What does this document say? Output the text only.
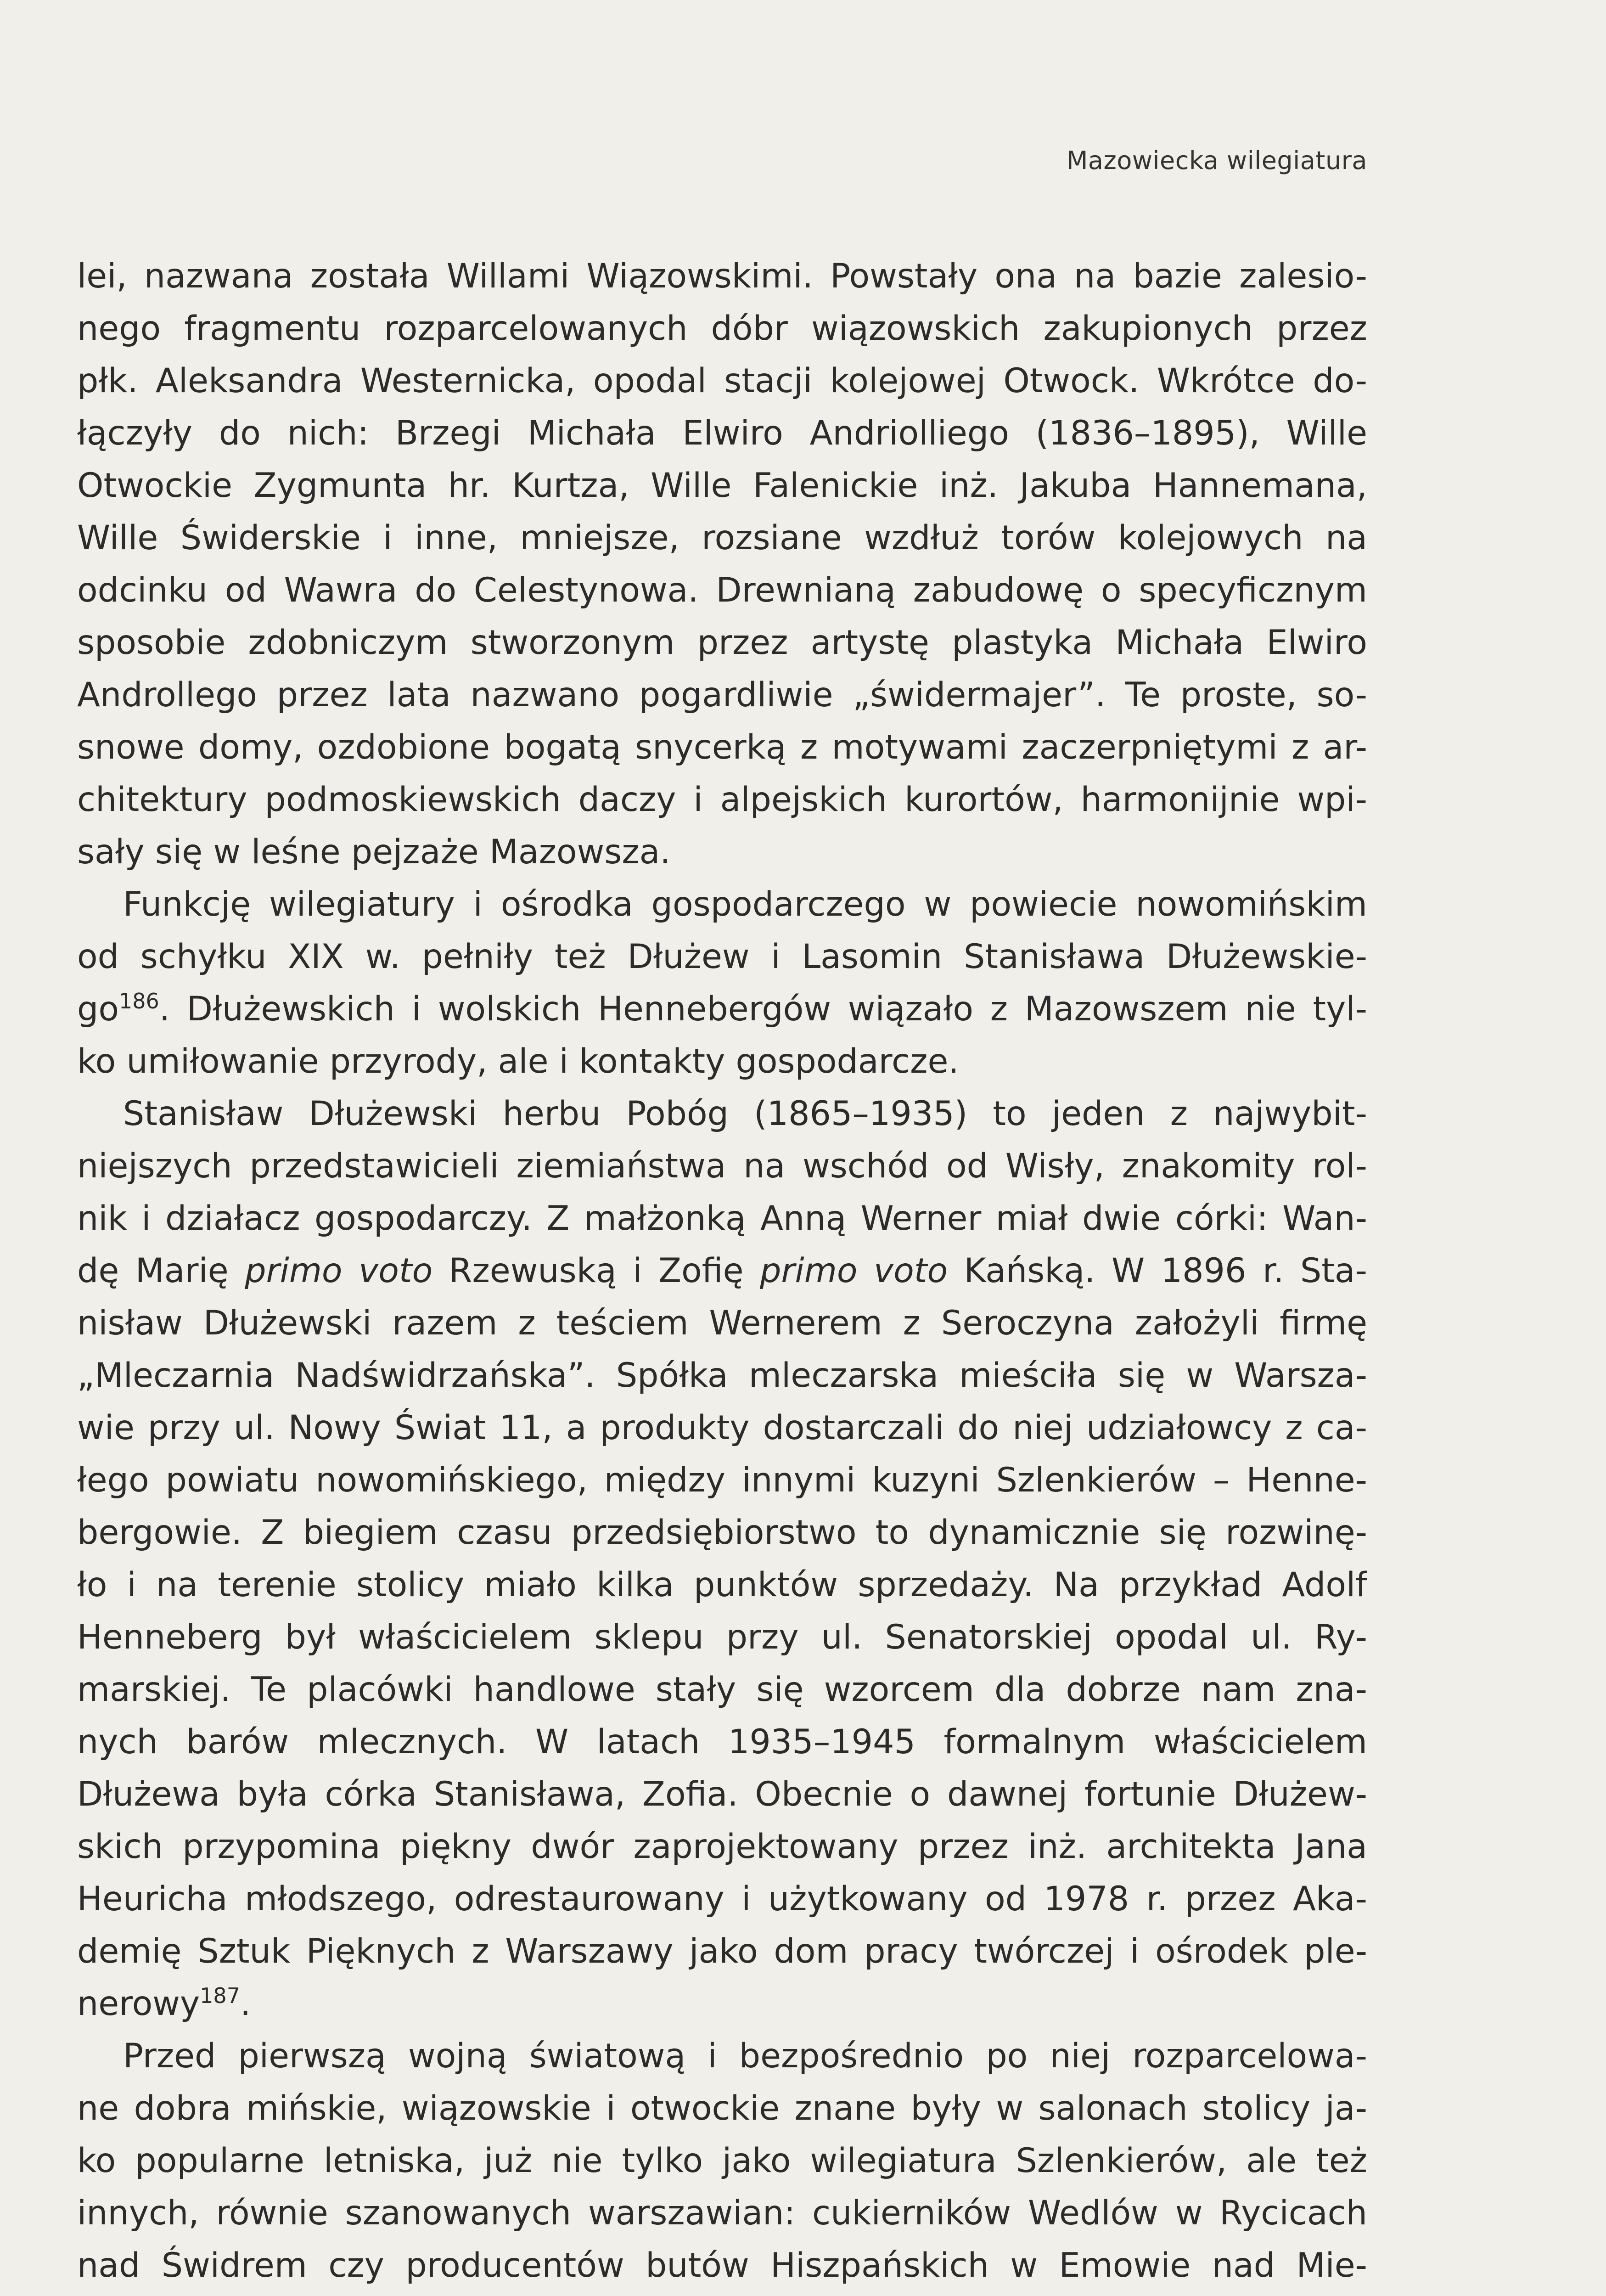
Mazowiecka wilegiatura
lei, nazwana została Willami Wiązowskimi. Powstały ona na bazie zalesio-
nego fragmentu rozparcelowanych dóbr wiązowskich zakupionych przez
płk. Aleksandra Westernicka, opodal stacji kolejowej Otwock. Wkrótce do-
łączyły do nich: Brzegi Michała Elwiro Andriolliego (1836–1895), Wille
Otwockie Zygmunta hr. Kurtza, Wille Falenickie inż. Jakuba Hannemana,
Wille Świderskie i inne, mniejsze, rozsiane wzdłuż torów kolejowych na
odcinku od Wawra do Celestynowa. Drewnianą zabudowę o specyficznym
sposobie zdobniczym stworzonym przez artystę plastyka Michała Elwiro
Androllego przez lata nazwano pogardliwie „świdermajer”. Te proste, so-
snowe domy, ozdobione bogatą snycerką z motywami zaczerpniętymi z ar-
chitektury podmoskiewskich daczy i alpejskich kurortów, harmonijnie wpi-
sały się w leśne pejzaże Mazowsza.
Funkcję wilegiatury i ośrodka gospodarczego w powiecie nowomińskim
od schyłku XIX w. pełniły też Dłużew i Lasomin Stanisława Dłużewskie-
$go^{186}$. Dłużewskich i wolskich Hennebergów wiązało z Mazowszem nie tyl-
ko umiłowanie przyrody, ale i kontakty gospodarcze.
Stanisław Dłużewski herbu Pobóg (1865–1935) to jeden z najwybit-
niejszych przedstawicieli ziemiaństwa na wschód od Wisły, znakomity rol-
nik i działacz gospodarczy. Z małżonką Anną Werner miał dwie córki: Wan-
dę Marię primo voto Rzewuską i Zofię primo voto Kańską. W 1896 r. Sta-
nisław Dłużewski razem z teściem Wernerem z Seroczyna założyli firmę
„Mleczarnia Nadświdrzańska”. Spółka mleczarska mieściła się w Warsza-
wie przy ul. Nowy Świat 11, a produkty dostarczali do niej udziałowcy z ca-
łego powiatu nowomińskiego, między innymi kuzyni Szlenkierów – Henne-
bergowie. Z biegiem czasu przedsiębiorstwo to dynamicznie się rozwinę-
ło i na terenie stolicy miało kilka punktów sprzedaży. Na przykład Adolf
Henneberg był właścicielem sklepu przy ul. Senatorskiej opodal ul. Ry-
marskiej. Te placówki handlowe stały się wzorcem dla dobrze nam zna-
nych barów mlecznych. W latach 1935–1945 formalnym właścicielem
Dłużewa była córka Stanisława, Zofia. Obecnie o dawnej fortunie Dłużew-
skich przypomina piękny dwór zaprojektowany przez inż. architekta Jana
Heuricha młodszego, odrestaurowany i użytkowany od 1978 r. przez Aka-
demię Sztuk Pięknych z Warszawy jako dom pracy twórczej i ośrodek ple-
nerowy$^{187}$.
Przed pierwszą wojną światową i bezpośrednio po niej rozparcelowa-
ne dobra mińskie, wiązowskie i otwockie znane były w salonach stolicy ja-
ko popularne letniska, już nie tylko jako wilegiatura Szlenkierów, ale też
innych, równie szanowanych warszawian: cukierników Wedlów w Rycicach
nad Świdrem czy producentów butów Hiszpańskich w Emowie nad Mie-
